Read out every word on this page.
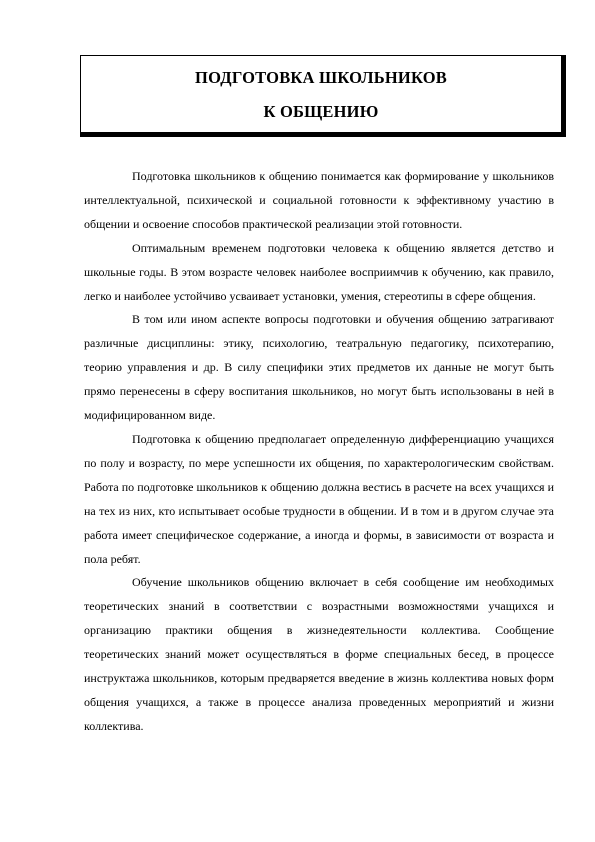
ПОДГОТОВКА ШКОЛЬНИКОВ
К ОБЩЕНИЮ

Подготовка школьников к общению понимается как формирование у школьников интеллектуальной, психической и социальной готовности к эффективному участию в общении и освоение способов практической реализации этой готовности.

Оптимальным временем подготовки человека к общению является детство и школьные годы. В этом возрасте человек наиболее восприимчив к обучению, как правило, легко и наиболее устойчиво усваивает установки, умения, стереотипы в сфере общения.

В том или ином аспекте вопросы подготовки и обучения общению затрагивают различные дисциплины: этику, психологию, театральную педагогику, психотерапию, теорию управления и др. В силу специфики этих предметов их данные не могут быть прямо перенесены в сферу воспитания школьников, но могут быть использованы в ней в модифицированном виде.

Подготовка к общению предполагает определенную дифференциацию учащихся по полу и возрасту, по мере успешности их общения, по характерологическим свойствам. Работа по подготовке школьников к общению должна вестись в расчете на всех учащихся и на тех из них, кто испытывает особые трудности в общении. И в том и в другом случае эта работа имеет специфическое содержание, а иногда и формы, в зависимости от возраста и пола ребят.

Обучение школьников общению включает в себя сообщение им необходимых теоретических знаний в соответствии с возрастными возможностями учащихся и организацию практики общения в жизнедеятельности коллектива. Сообщение теоретических знаний может осуществляться в форме специальных бесед, в процессе инструктажа школьников, которым предваряется введение в жизнь коллектива новых форм общения учащихся, а также в процессе анализа проведенных мероприятий и жизни коллектива.
